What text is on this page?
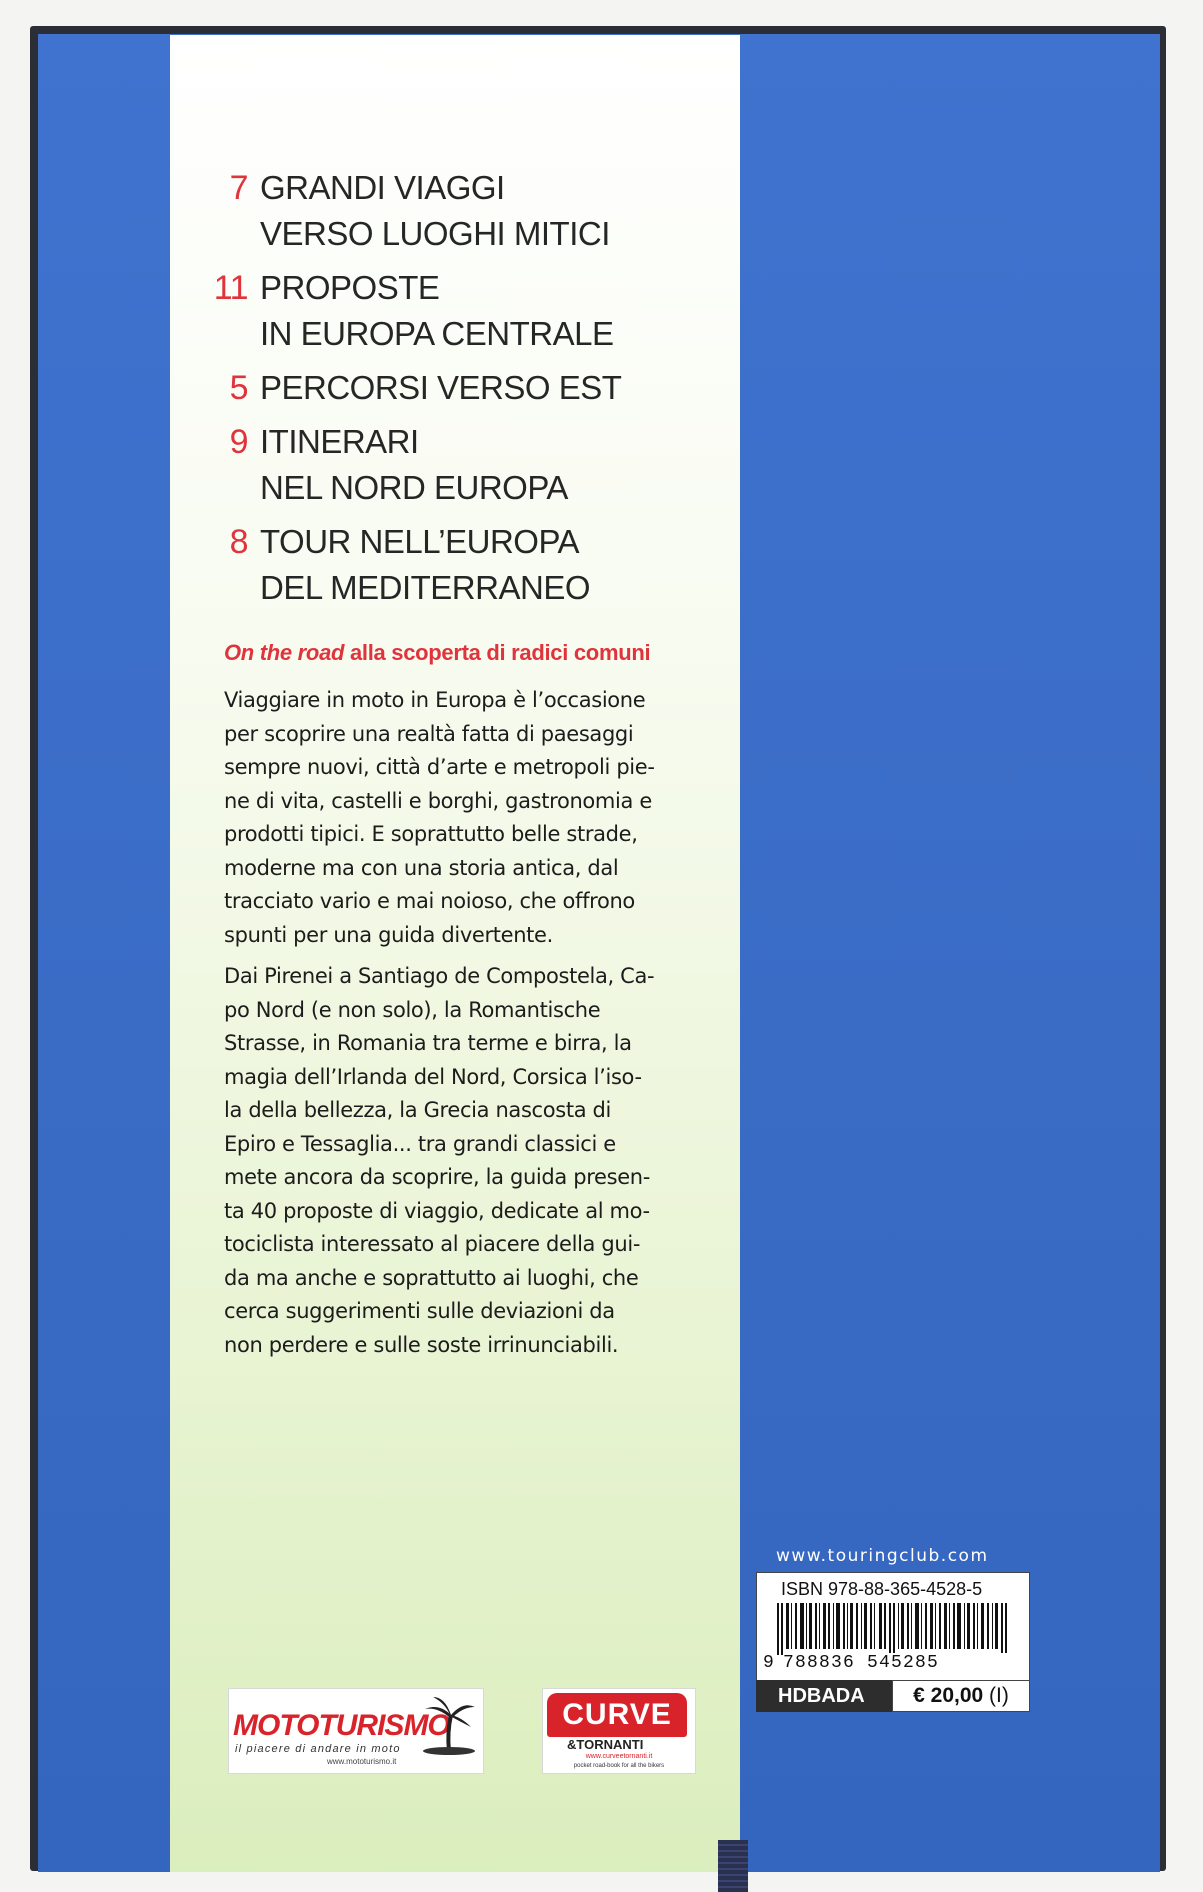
7 GRANDI VIAGGI
VERSO LUOGHI MITICI
11 PROPOSTE
IN EUROPA CENTRALE
5 PERCORSI VERSO EST
9 ITINERARI
NEL NORD EUROPA
8 TOUR NELL’EUROPA
DEL MEDITERRANEO
On the road alla scoperta di radici comuni
Viaggiare in moto in Europa è l’occasione
per scoprire una realtà fatta di paesaggi
sempre nuovi, città d’arte e metropoli pie-
ne di vita, castelli e borghi, gastronomia e
prodotti tipici. E soprattutto belle strade,
moderne ma con una storia antica, dal
tracciato vario e mai noioso, che offrono
spunti per una guida divertente.
Dai Pirenei a Santiago de Compostela, Ca-
po Nord (e non solo), la Romantische
Strasse, in Romania tra terme e birra, la
magia dell’Irlanda del Nord, Corsica l’iso-
la della bellezza, la Grecia nascosta di
Epiro e Tessaglia... tra grandi classici e
mete ancora da scoprire, la guida presen-
ta 40 proposte di viaggio, dedicate al mo-
tociclista interessato al piacere della gui-
da ma anche e soprattutto ai luoghi, che
cerca suggerimenti sulle deviazioni da
non perdere e sulle soste irrinunciabili.
MOTOTURISMO
il piacere di andare in moto
www.mototurismo.it
CURVE
&TORNANTI
www.curveetornanti.it
pocket road-book for all the bikers
www.touringclub.com
ISBN 978-88-365-4528-5
9 788836 545285
HDBADA	€ 20,00 (I)
